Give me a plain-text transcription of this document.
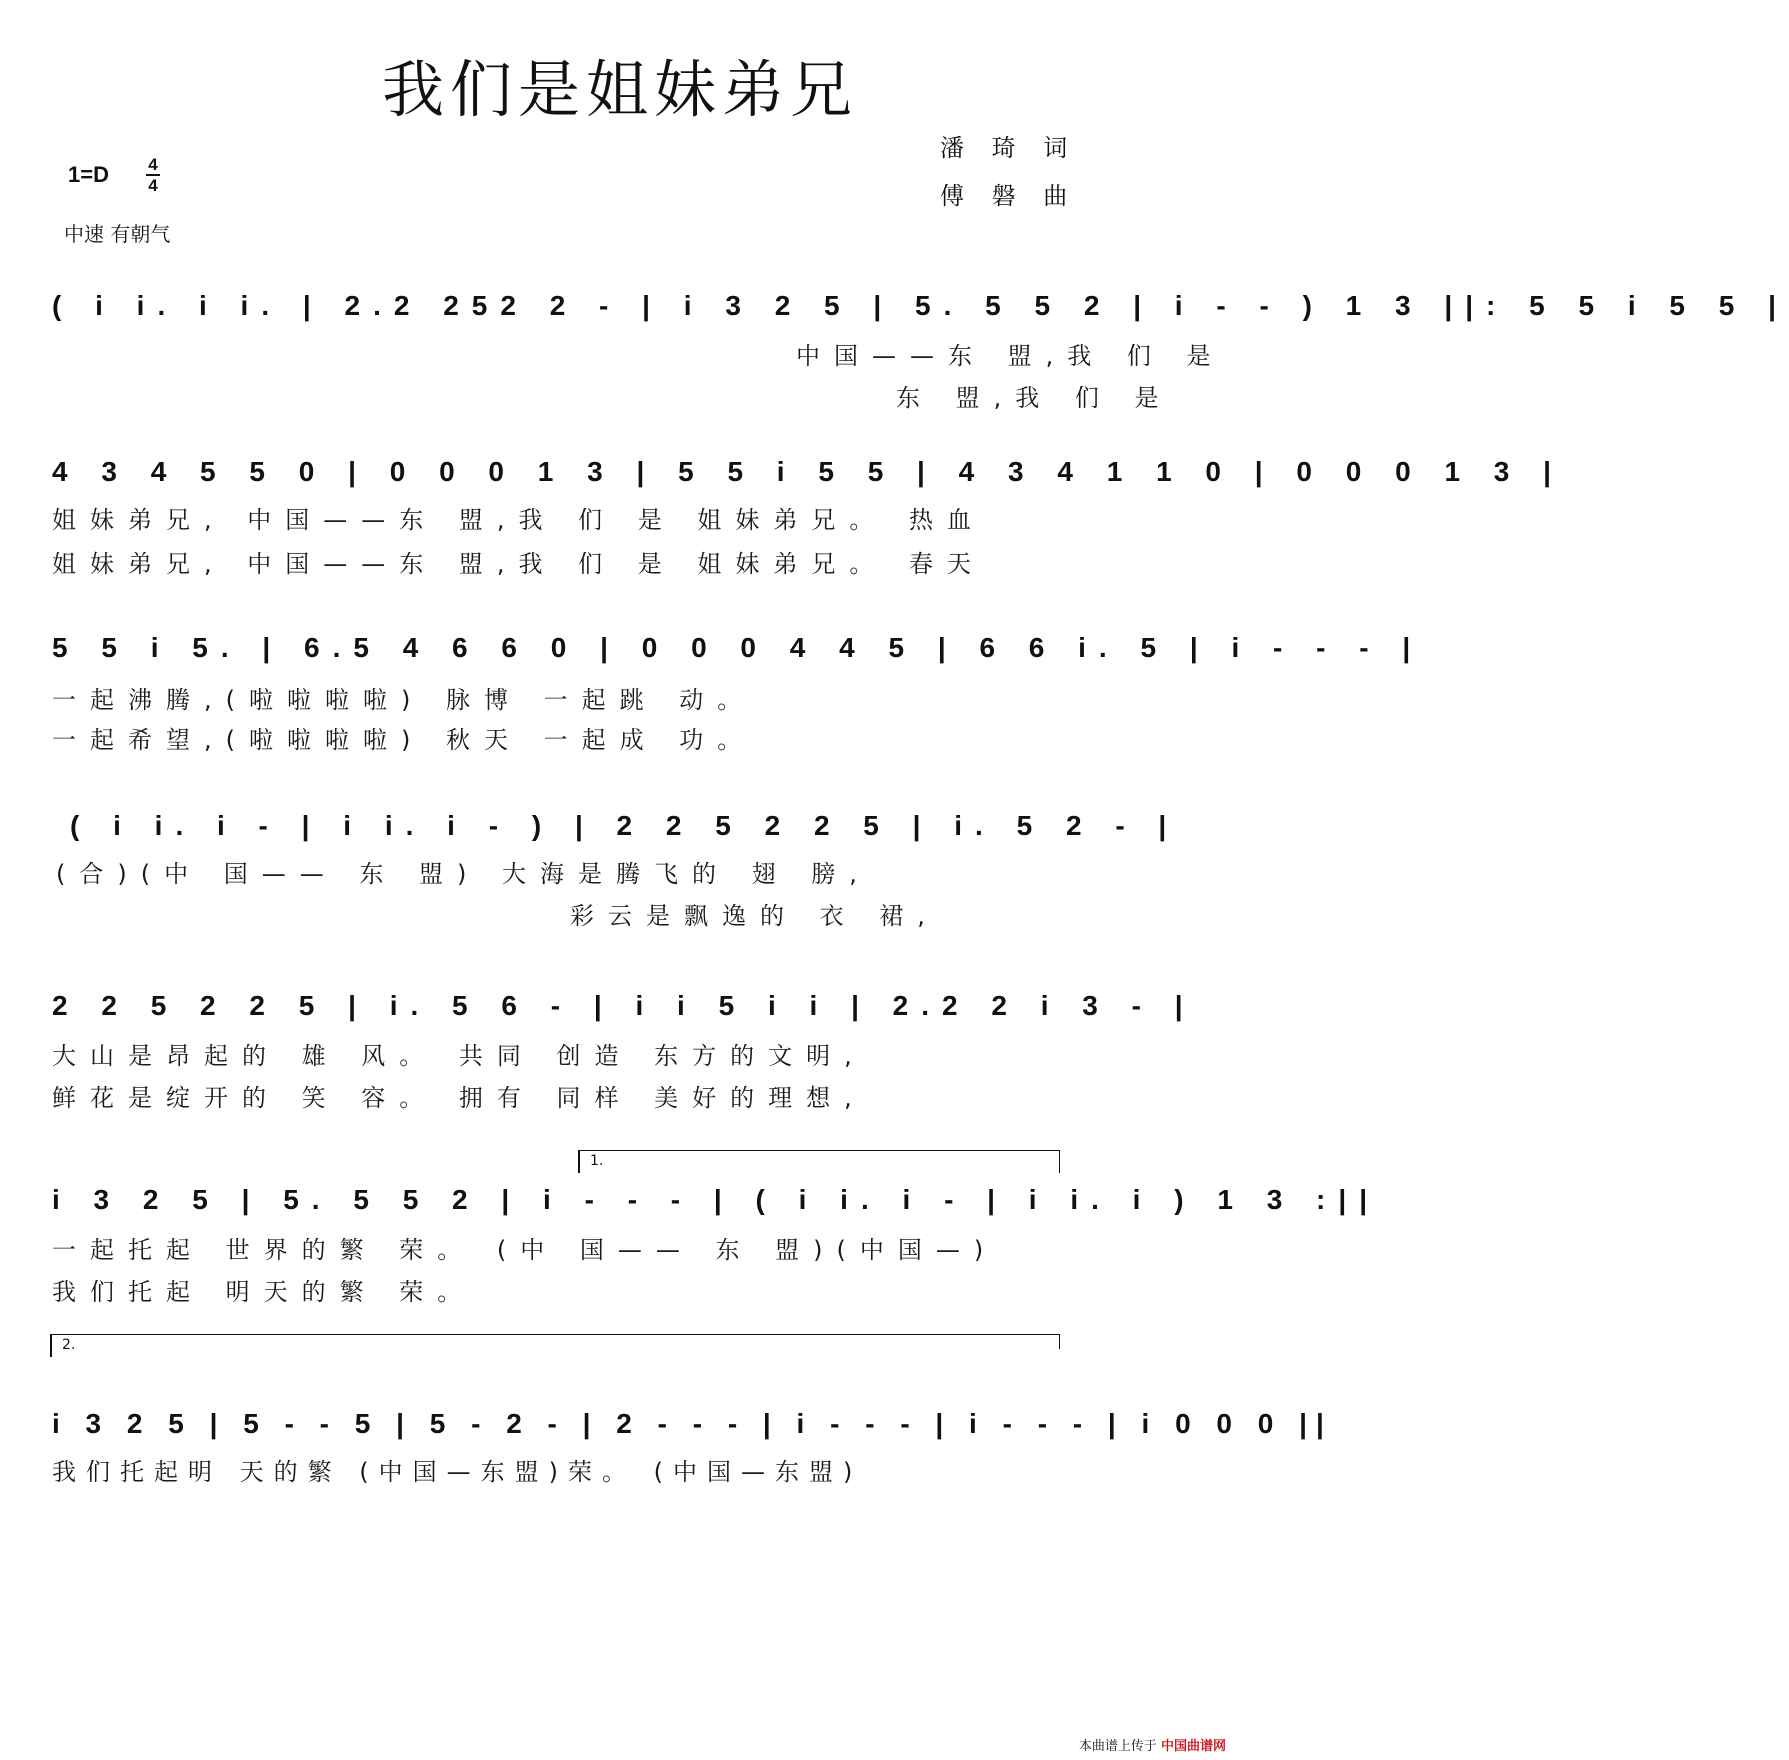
我们是姐妹弟兄
潘 琦 词
傅 磐 曲
1=D 4
4
中速 有朝气
( i i. i i. | 2.2 252 2 - | i 3 2 5 | 5. 5 5 2 | i - - ) 1 3 ||: 5 5 i 5 5 |
中国——东 盟,我 们 是
东 盟,我 们 是
4 3 4 5 5 0 | 0 0 0 1 3 | 5 5 i 5 5 | 4 3 4 1 1 0 | 0 0 0 1 3 |
姐妹弟兄, 中国——东 盟,我 们 是 姐妹弟兄。 热血
姐妹弟兄, 中国——东 盟,我 们 是 姐妹弟兄。 春天
5 5 i 5. | 6.5 4 6 6 0 | 0 0 0 4 4 5 | 6 6 i. 5 | i - - - |
一起沸腾,(啦啦啦啦) 脉博 一起跳 动。
一起希望,(啦啦啦啦) 秋天 一起成 功。
( i i. i - | i i. i - ) | 2 2 5 2 2 5 | i. 5 2 - |
(合)(中 国—— 东 盟) 大海是腾飞的 翅 膀,
彩云是飘逸的 衣 裙,
2 2 5 2 2 5 | i. 5 6 - | i i 5 i i | 2.2 2 i 3 - |
大山是昂起的 雄 风。 共同 创造 东方的文明,
鲜花是绽开的 笑 容。 拥有 同样 美好的理想,
1.
i 3 2 5 | 5. 5 5 2 | i - - - | ( i i. i - | i i. i ) 1 3 :||
一起托起 世界的繁 荣。 (中 国—— 东 盟)(中国—)
我们托起 明天的繁 荣。
2.
i 3 2 5 | 5 - - 5 | 5 - 2 - | 2 - - - | i - - - | i - - - | i 0 0 0 ||
我们托起明 天的繁 (中国—东盟)荣。 (中国—东盟)
本曲谱上传于 中国曲谱网
